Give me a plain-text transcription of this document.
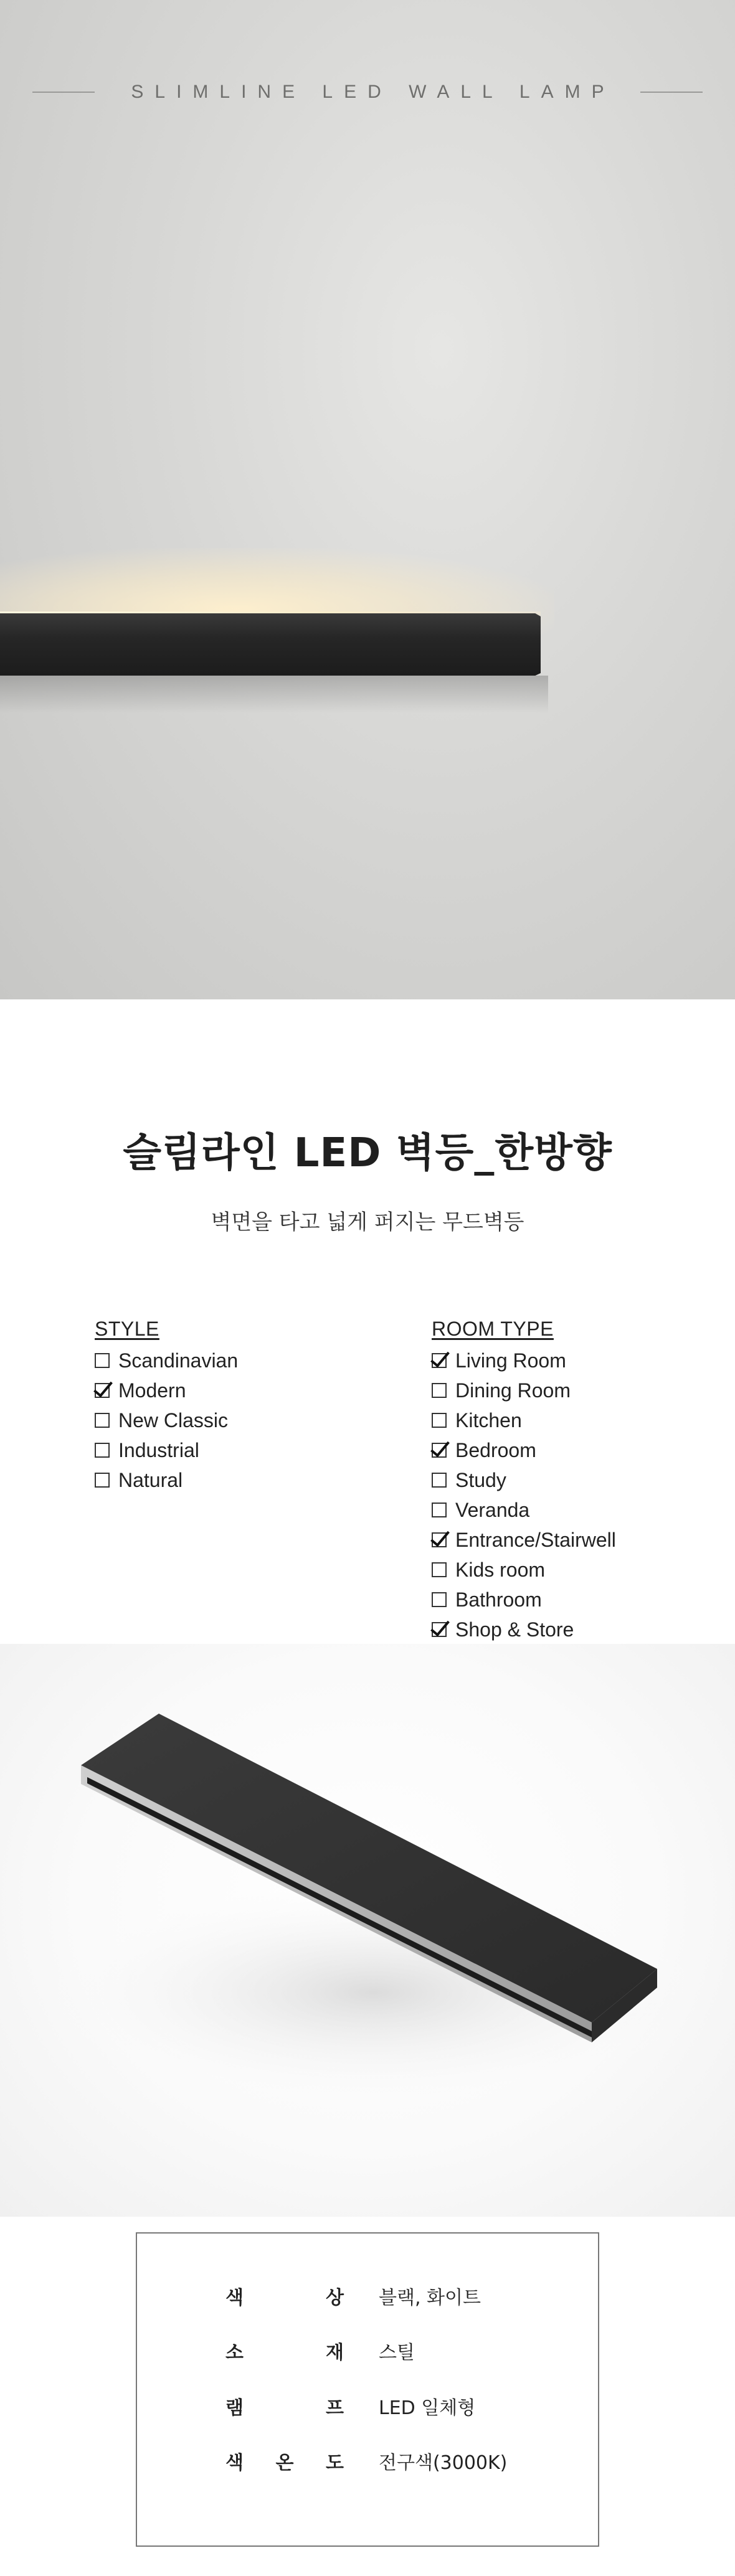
SLIMLINE LED WALL LAMP
슬림라인 LED 벽등_한방향

벽면을 타고 넓게 퍼지는 무드벽등

STYLE
Scandinavian
Modern
New Classic
Industrial
Natural
ROOM TYPE
Living Room
Dining Room
Kitchen
Bedroom
Study
Veranda
Entrance/Stairwell
Kids room
Bathroom
Shop & Store
색	상 블랙, 화이트
소	재 스틸
램	프 LED 일체형
색 온 도 전구색(3000K)
